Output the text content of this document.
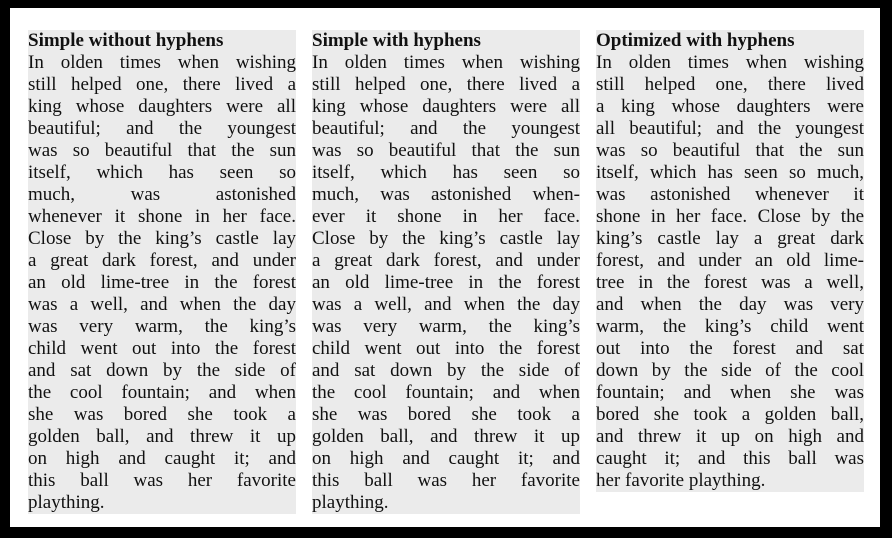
Simple without hyphens
In olden times when wishing
still helped one, there lived a
king whose daughters were all
beautiful; and the youngest
was so beautiful that the sun
itself, which has seen so
much, was astonished
whenever it shone in her face.
Close by the king’s castle lay
a great dark forest, and under
an old lime-tree in the forest
was a well, and when the day
was very warm, the king’s
child went out into the forest
and sat down by the side of
the cool fountain; and when
she was bored she took a
golden ball, and threw it up
on high and caught it; and
this ball was her favorite
plaything.
Simple with hyphens
In olden times when wishing
still helped one, there lived a
king whose daughters were all
beautiful; and the youngest
was so beautiful that the sun
itself, which has seen so
much, was astonished when-
ever it shone in her face.
Close by the king’s castle lay
a great dark forest, and under
an old lime-tree in the forest
was a well, and when the day
was very warm, the king’s
child went out into the forest
and sat down by the side of
the cool fountain; and when
she was bored she took a
golden ball, and threw it up
on high and caught it; and
this ball was her favorite
plaything.
Optimized with hyphens
In olden times when wishing
still helped one, there lived
a king whose daughters were
all beautiful; and the youngest
was so beautiful that the sun
itself, which has seen so much,
was astonished whenever it
shone in her face. Close by the
king’s castle lay a great dark
forest, and under an old lime-
tree in the forest was a well,
and when the day was very
warm, the king’s child went
out into the forest and sat
down by the side of the cool
fountain; and when she was
bored she took a golden ball,
and threw it up on high and
caught it; and this ball was
her favorite plaything.
